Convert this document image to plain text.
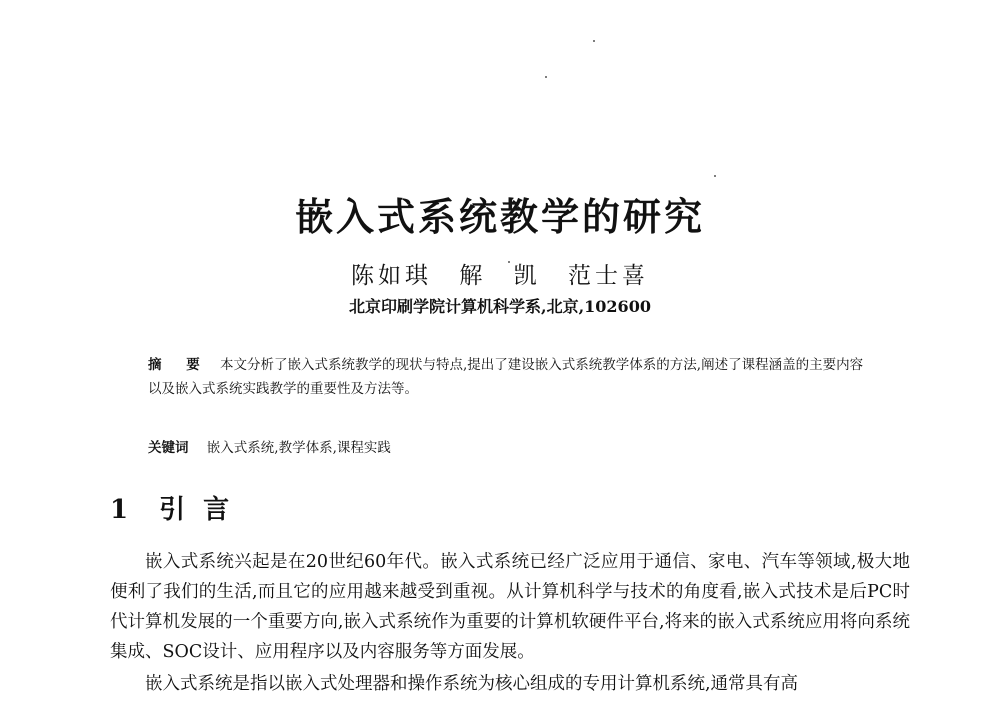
嵌入式系统教学的研究
陈如琪 解 凯 范士喜
北京印刷学院计算机科学系,北京,102600
摘 要 本文分析了嵌入式系统教学的现状与特点,提出了建设嵌入式系统教学体系的方法,阐述了课程涵盖的主要内容以及嵌入式系统实践教学的重要性及方法等。
关键词 嵌入式系统,教学体系,课程实践
1 引言
嵌入式系统兴起是在20世纪60年代。嵌入式系统已经广泛应用于通信、家电、汽车等领域,极大地便利了我们的生活,而且它的应用越来越受到重视。从计算机科学与技术的角度看,嵌入式技术是后PC时代计算机发展的一个重要方向,嵌入式系统作为重要的计算机软硬件平台,将来的嵌入式系统应用将向系统集成、SOC设计、应用程序以及内容服务等方面发展。
嵌入式系统是指以嵌入式处理器和操作系统为核心组成的专用计算机系统,通常具有高
